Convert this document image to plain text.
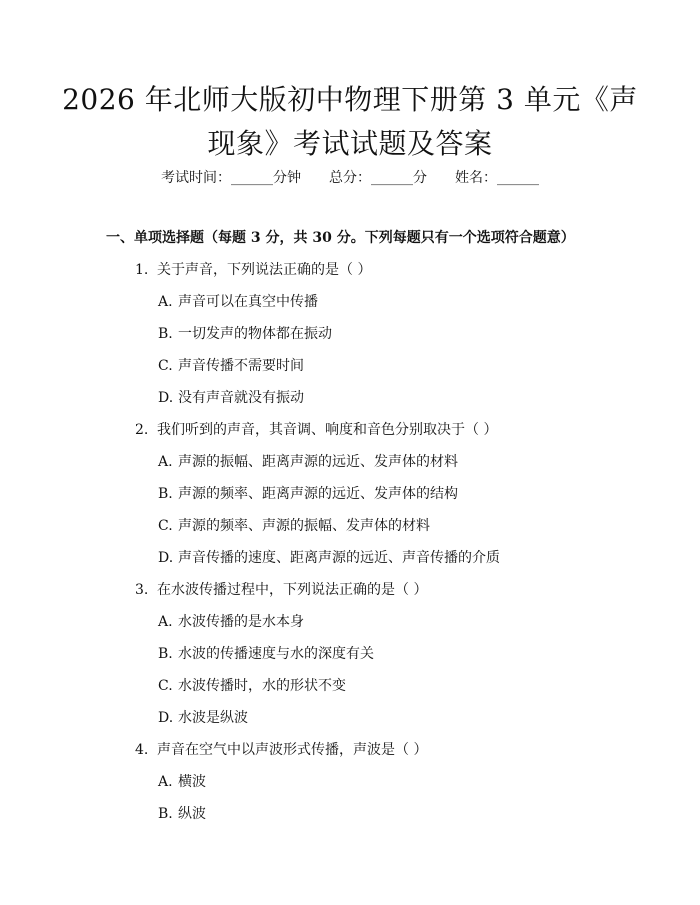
2026 年北师大版初中物理下册第 3 单元《声
现象》考试试题及答案
考试时间：______分钟 总分：______分 姓名：______
一、单项选择题（每题 3 分，共 30 分。下列每题只有一个选项符合题意）
1. 关于声音，下列说法正确的是（ ）
A. 声音可以在真空中传播
B. 一切发声的物体都在振动
C. 声音传播不需要时间
D. 没有声音就没有振动
2. 我们听到的声音，其音调、响度和音色分别取决于（ ）
A. 声源的振幅、距离声源的远近、发声体的材料
B. 声源的频率、距离声源的远近、发声体的结构
C. 声源的频率、声源的振幅、发声体的材料
D. 声音传播的速度、距离声源的远近、声音传播的介质
3. 在水波传播过程中，下列说法正确的是（ ）
A. 水波传播的是水本身
B. 水波的传播速度与水的深度有关
C. 水波传播时，水的形状不变
D. 水波是纵波
4. 声音在空气中以声波形式传播，声波是（ ）
A. 横波
B. 纵波
